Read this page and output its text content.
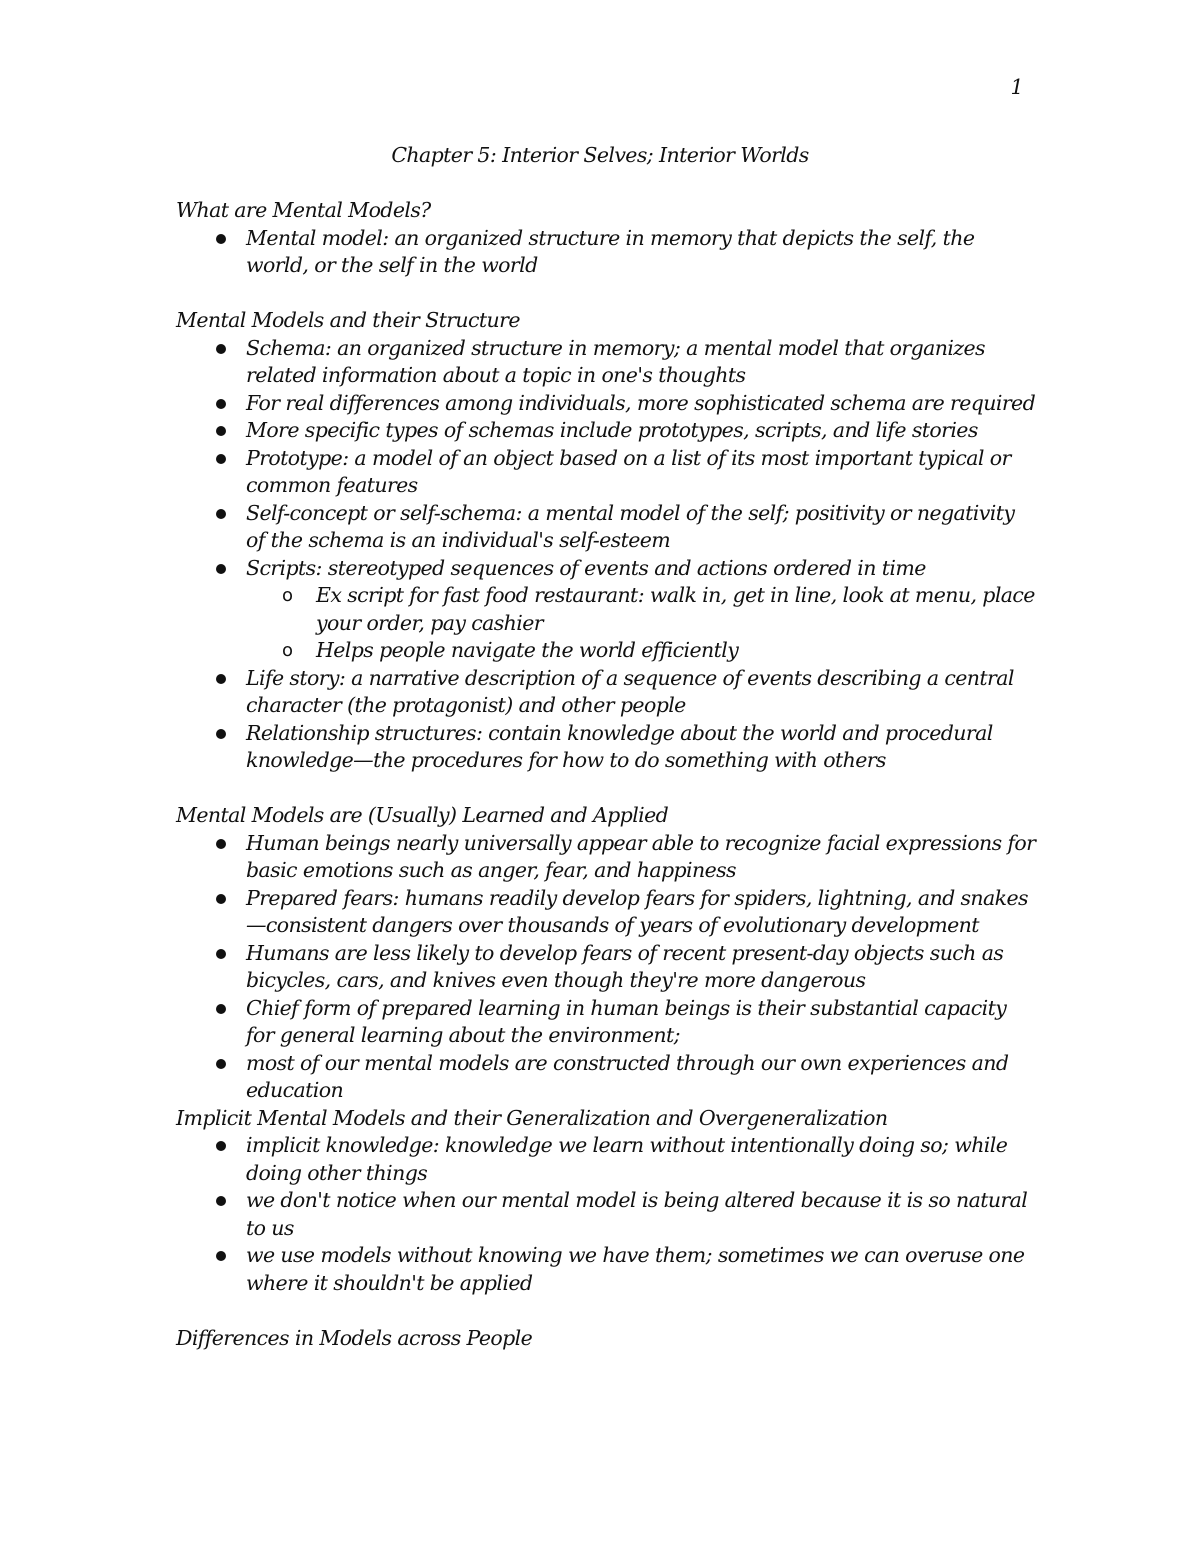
1
Chapter 5: Interior Selves; Interior Worlds

What are Mental Models?

Mental model: an organized structure in memory that depicts the self, the world, or the self in the world

Mental Models and their Structure

Schema: an organized structure in memory; a mental model that organizes related information about a topic in one's thoughts
For real differences among individuals, more sophisticated schema are required
More specific types of schemas include prototypes, scripts, and life stories
Prototype: a model of an object based on a list of its most important typical or common features
Self-concept or self-schema: a mental model of the self; positivity or negativity of the schema is an individual's self-esteem
Scripts: stereotyped sequences of events and actions ordered in time
o Ex script for fast food restaurant: walk in, get in line, look at menu, place your order, pay cashier
o Helps people navigate the world efficiently
Life story: a narrative description of a sequence of events describing a central character (the protagonist) and other people
Relationship structures: contain knowledge about the world and procedural knowledge—the procedures for how to do something with others

Mental Models are (Usually) Learned and Applied

Human beings nearly universally appear able to recognize facial expressions for basic emotions such as anger, fear, and happiness
Prepared fears: humans readily develop fears for spiders, lightning, and snakes —consistent dangers over thousands of years of evolutionary development
Humans are less likely to develop fears of recent present-day objects such as bicycles, cars, and knives even though they're more dangerous
Chief form of prepared learning in human beings is their substantial capacity for general learning about the environment;
most of our mental models are constructed through our own experiences and education

Implicit Mental Models and their Generalization and Overgeneralization

implicit knowledge: knowledge we learn without intentionally doing so; while doing other things
we don't notice when our mental model is being altered because it is so natural to us
we use models without knowing we have them; sometimes we can overuse one where it shouldn't be applied

Differences in Models across People
